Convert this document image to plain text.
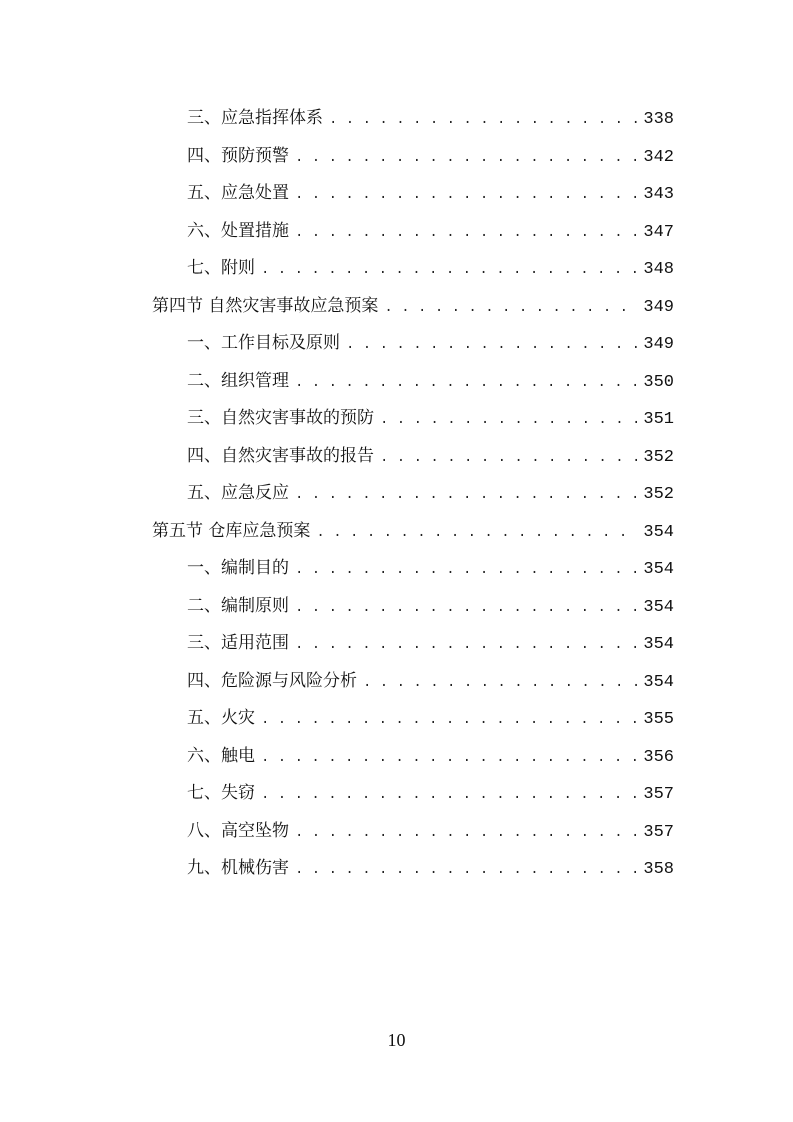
三、应急指挥体系 . . .	338
四、预防预警 . . .	342
五、应急处置 . . .	343
六、处置措施 . . .	347
七、附则 . . .	348
第四节 自然灾害事故应急预案 . . .	349
一、工作目标及原则 . . .	349
二、组织管理 . . .	350
三、自然灾害事故的预防 . . .	351
四、自然灾害事故的报告 . . .	352
五、应急反应 . . .	352
第五节 仓库应急预案 . . .	354
一、编制目的 . . .	354
二、编制原则 . . .	354
三、适用范围 . . .	354
四、危险源与风险分析 . . .	354
五、火灾 . . .	355
六、触电 . . .	356
七、失窃 . . .	357
八、高空坠物 . . .	357
九、机械伤害 . . .	358
10
